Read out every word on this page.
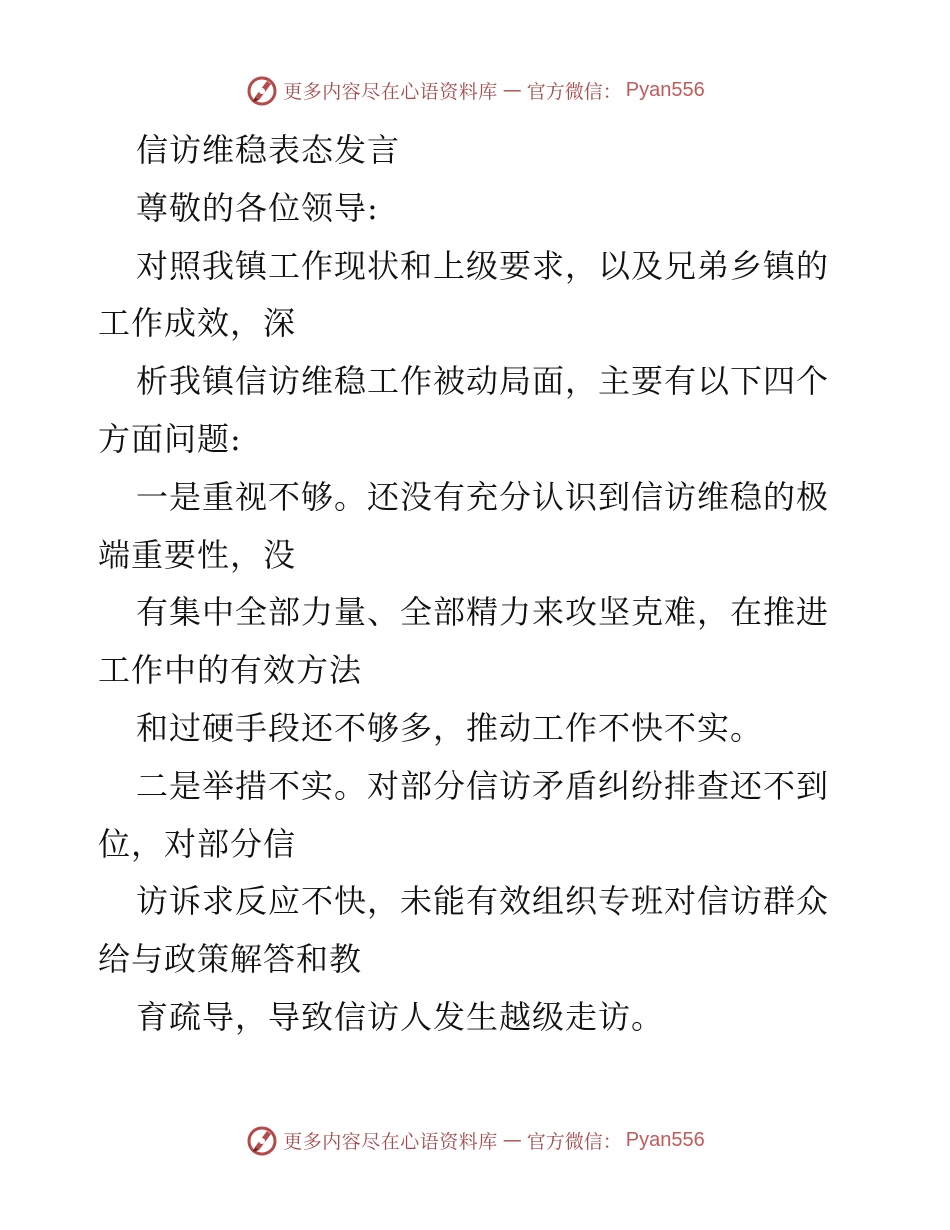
更多内容尽在心语资料库 — 官方微信： Pyan556
信访维稳表态发言
尊敬的各位领导:
对照我镇工作现状和上级要求，以及兄弟乡镇的
工作成效，深
析我镇信访维稳工作被动局面，主要有以下四个
方面问题:
一是重视不够。还没有充分认识到信访维稳的极
端重要性，没
有集中全部力量、全部精力来攻坚克难，在推进
工作中的有效方法
和过硬手段还不够多，推动工作不快不实。
二是举措不实。对部分信访矛盾纠纷排查还不到
位，对部分信
访诉求反应不快，未能有效组织专班对信访群众
给与政策解答和教
育疏导，导致信访人发生越级走访。
更多内容尽在心语资料库 — 官方微信： Pyan556
